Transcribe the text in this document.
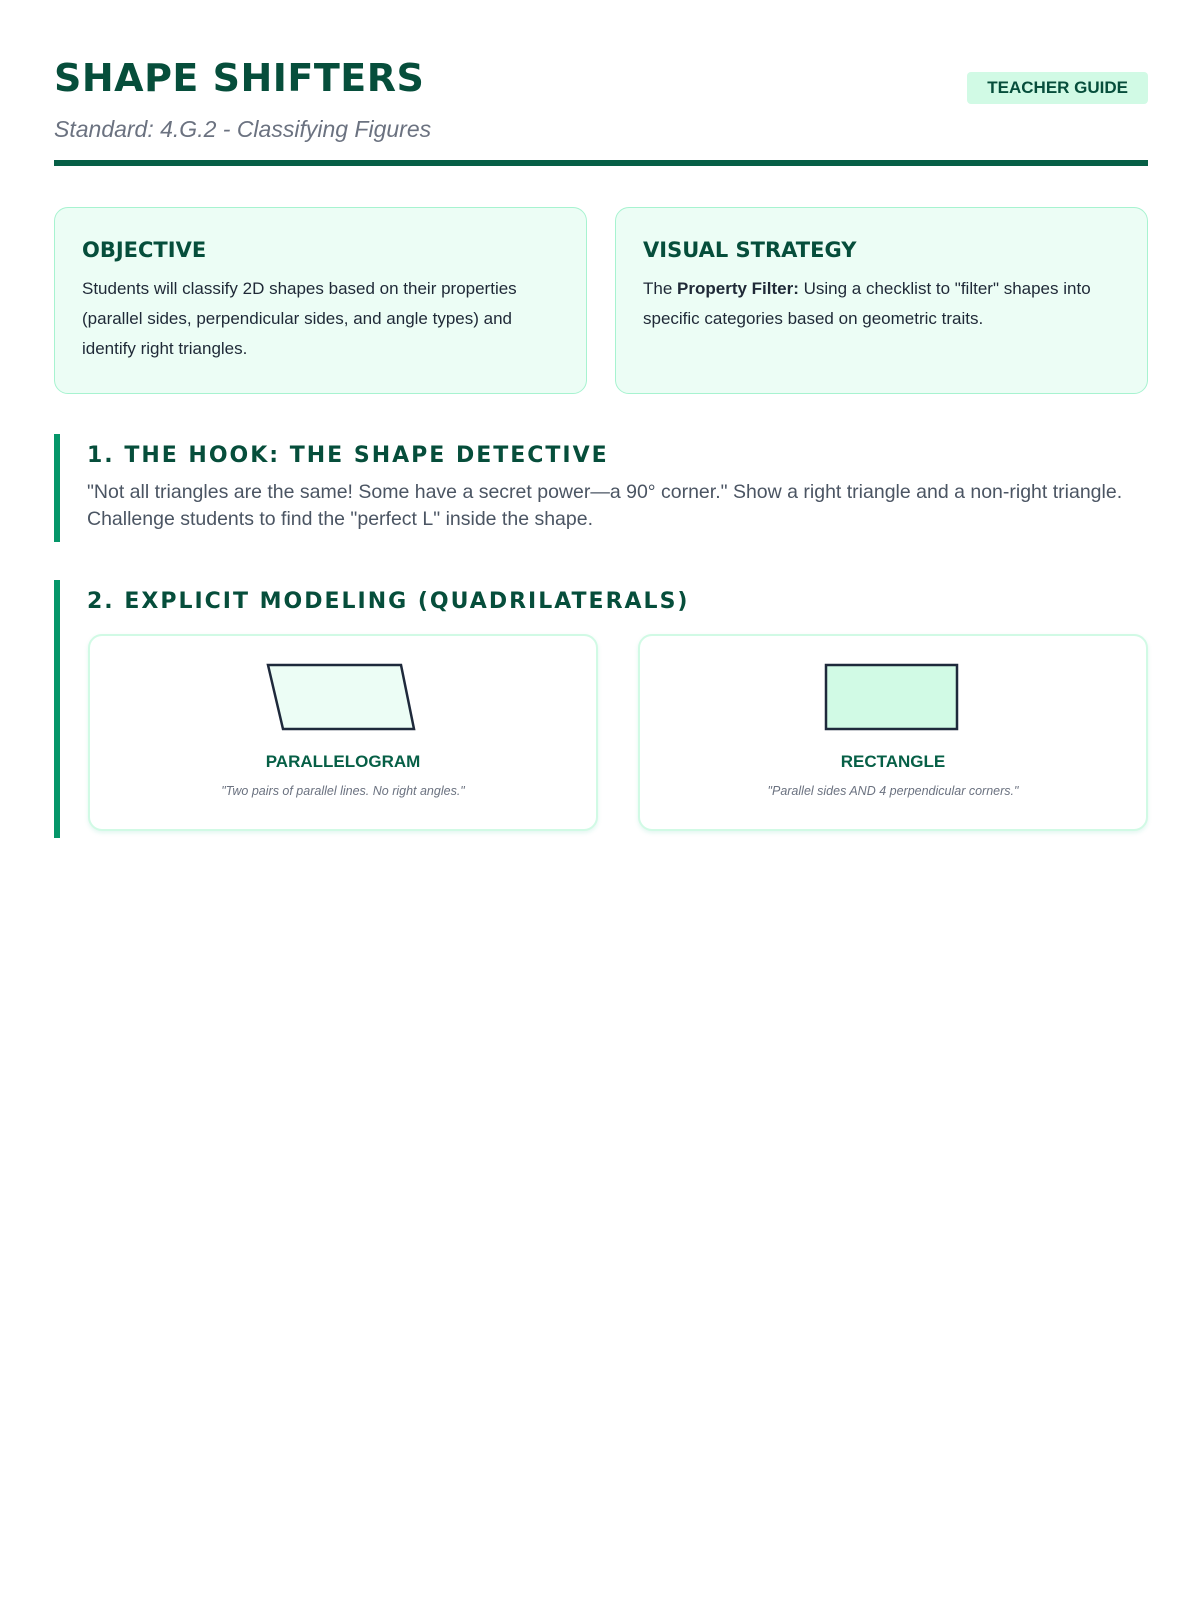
SHAPE SHIFTERS
Standard: 4.G.2 - Classifying Figures
TEACHER GUIDE
OBJECTIVE
Students will classify 2D shapes based on their properties (parallel sides, perpendicular sides, and angle types) and identify right triangles.
VISUAL STRATEGY
The Property Filter: Using a checklist to "filter" shapes into specific categories based on geometric traits.
1. THE HOOK: THE SHAPE DETECTIVE
"Not all triangles are the same! Some have a secret power—a 90° corner." Show a right triangle and a non-right triangle. Challenge students to find the "perfect L" inside the shape.
2. EXPLICIT MODELING (QUADRILATERALS)
PARALLELOGRAM
"Two pairs of parallel lines. No right angles."
RECTANGLE
"Parallel sides AND 4 perpendicular corners."
